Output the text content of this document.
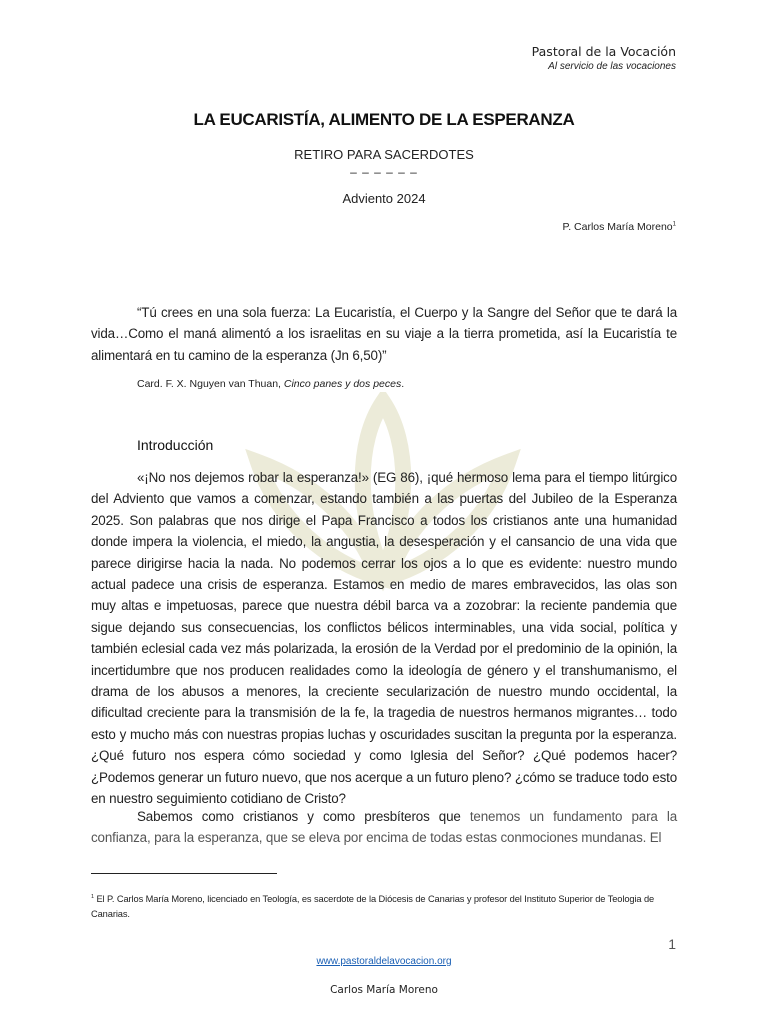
Pastoral de la Vocación
Al servicio de las vocaciones
LA EUCARISTÍA, ALIMENTO DE LA ESPERANZA
RETIRO PARA SACERDOTES
– – – – – –
Adviento 2024
P. Carlos María Moreno$^1$

“Tú crees en una sola fuerza: La Eucaristía, el Cuerpo y la Sangre del Señor que te dará la vida…Como el maná alimentó a los israelitas en su viaje a la tierra prometida, así la Eucaristía te alimentará en tu camino de la esperanza (Jn 6,50)”

Card. F. X. Nguyen van Thuan, Cinco panes y dos peces.
Introducción

«¡No nos dejemos robar la esperanza!» (EG 86), ¡qué hermoso lema para el tiempo litúrgico del Adviento que vamos a comenzar, estando también a las puertas del Jubileo de la Esperanza 2025. Son palabras que nos dirige el Papa Francisco a todos los cristianos ante una humanidad donde impera la violencia, el miedo, la angustia, la desesperación y el cansancio de una vida que parece dirigirse hacia la nada. No podemos cerrar los ojos a lo que es evidente: nuestro mundo actual padece una crisis de esperanza. Estamos en medio de mares embravecidos, las olas son muy altas e impetuosas, parece que nuestra débil barca va a zozobrar: la reciente pandemia que sigue dejando sus consecuencias, los conflictos bélicos interminables, una vida social, política y también eclesial cada vez más polarizada, la erosión de la Verdad por el predominio de la opinión, la incertidumbre que nos producen realidades como la ideología de género y el transhumanismo, el drama de los abusos a menores, la creciente secularización de nuestro mundo occidental, la dificultad creciente para la transmisión de la fe, la tragedia de nuestros hermanos migrantes… todo esto y mucho más con nuestras propias luchas y oscuridades suscitan la pregunta por la esperanza. ¿Qué futuro nos espera cómo sociedad y como Iglesia del Señor? ¿Qué podemos hacer? ¿Podemos generar un futuro nuevo, que nos acerque a un futuro pleno? ¿cómo se traduce todo esto en nuestro seguimiento cotidiano de Cristo?

Sabemos como cristianos y como presbíteros que tenemos un fundamento para la confianza, para la esperanza, que se eleva por encima de todas estas conmociones mundanas. El

$^1$ El P. Carlos María Moreno, licenciado en Teología, es sacerdote de la Diócesis de Canarias y profesor del Instituto Superior de Teologia de Canarias.
1
www.pastoraldelavocacion.org
Carlos María Moreno
